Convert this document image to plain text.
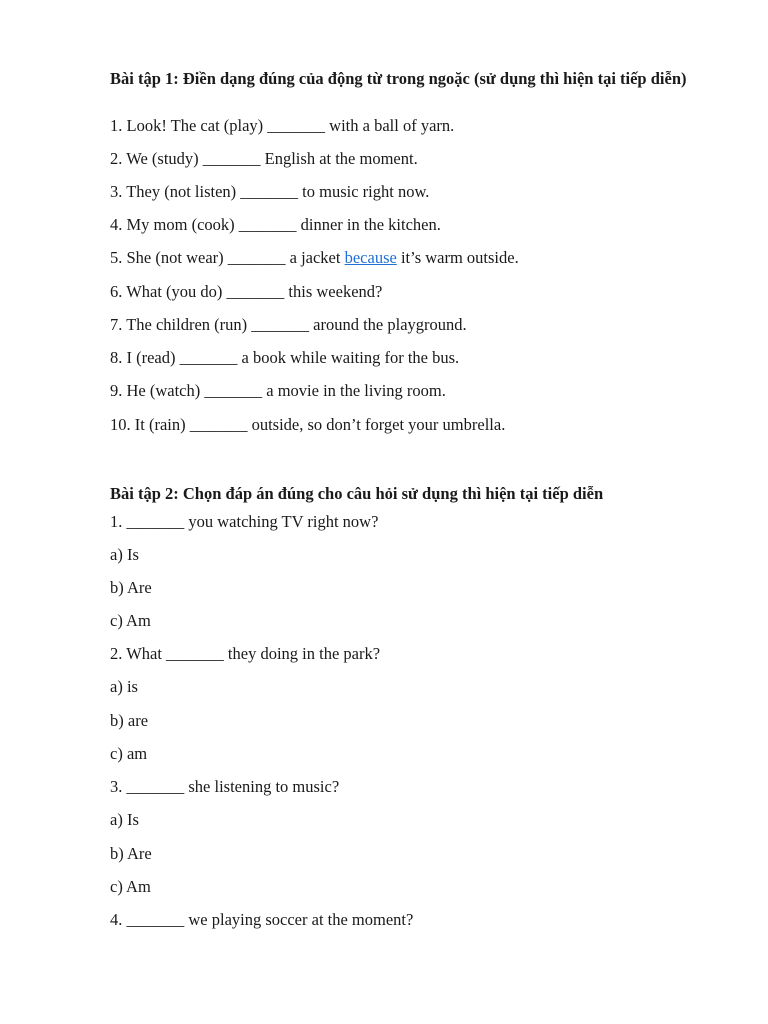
Bài tập 1: Điền dạng đúng của động từ trong ngoặc (sử dụng thì hiện tại tiếp diễn)
1. Look! The cat (play) _______ with a ball of yarn.
2. We (study) _______ English at the moment.
3. They (not listen) _______ to music right now.
4. My mom (cook) _______ dinner in the kitchen.
5. She (not wear) _______ a jacket because it’s warm outside.
6. What (you do) _______ this weekend?
7. The children (run) _______ around the playground.
8. I (read) _______ a book while waiting for the bus.
9. He (watch) _______ a movie in the living room.
10. It (rain) _______ outside, so don’t forget your umbrella.
Bài tập 2: Chọn đáp án đúng cho câu hỏi sử dụng thì hiện tại tiếp diễn
1. _______ you watching TV right now?
a) Is
b) Are
c) Am
2. What _______ they doing in the park?
a) is
b) are
c) am
3. _______ she listening to music?
a) Is
b) Are
c) Am
4. _______ we playing soccer at the moment?
